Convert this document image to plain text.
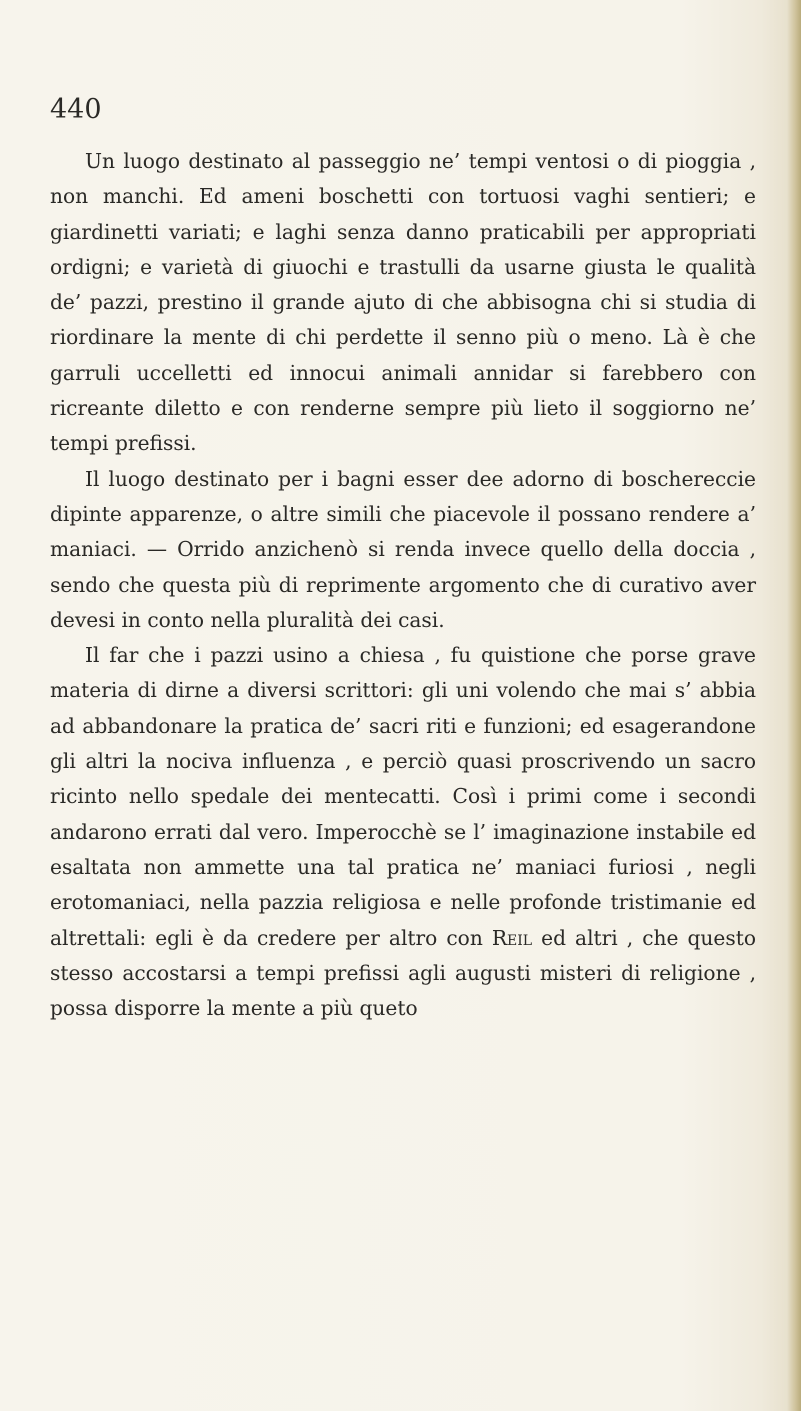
440

Un luogo destinato al passeggio ne’ tempi ventosi o di pioggia , non manchi. Ed ameni boschetti con tortuosi vaghi sentieri; e giardinetti variati; e laghi senza danno praticabili per appropriati ordigni; e varietà di giuochi e trastulli da usarne giusta le qualità de’ pazzi, prestino il grande ajuto di che abbisogna chi si studia di riordinare la mente di chi perdette il senno più o meno. Là è che garruli uccelletti ed innocui animali annidar si farebbero con ricreante diletto e con renderne sempre più lieto il soggiorno ne’ tempi prefissi.

Il luogo destinato per i bagni esser dee adorno di boschereccie dipinte apparenze, o altre simili che piacevole il possano rendere a’ maniaci. — Orrido anzichenò si renda invece quello della doccia , sendo che questa più di reprimente argomento che di curativo aver devesi in conto nella pluralità dei casi.

Il far che i pazzi usino a chiesa , fu quistione che porse grave materia di dirne a diversi scrittori: gli uni volendo che mai s’ abbia ad abbandonare la pratica de’ sacri riti e funzioni; ed esagerandone gli altri la nociva influenza , e perciò quasi proscrivendo un sacro ricinto nello spedale dei mentecatti. Così i primi come i secondi andarono errati dal vero. Imperocchè se l’ imaginazione instabile ed esaltata non ammette una tal pratica ne’ maniaci furiosi , negli erotomaniaci, nella pazzia religiosa e nelle profonde tristimanie ed altrettali: egli è da credere per altro con Reil ed altri , che questo stesso accostarsi a tempi prefissi agli augusti misteri di religione , possa disporre la mente a più queto
